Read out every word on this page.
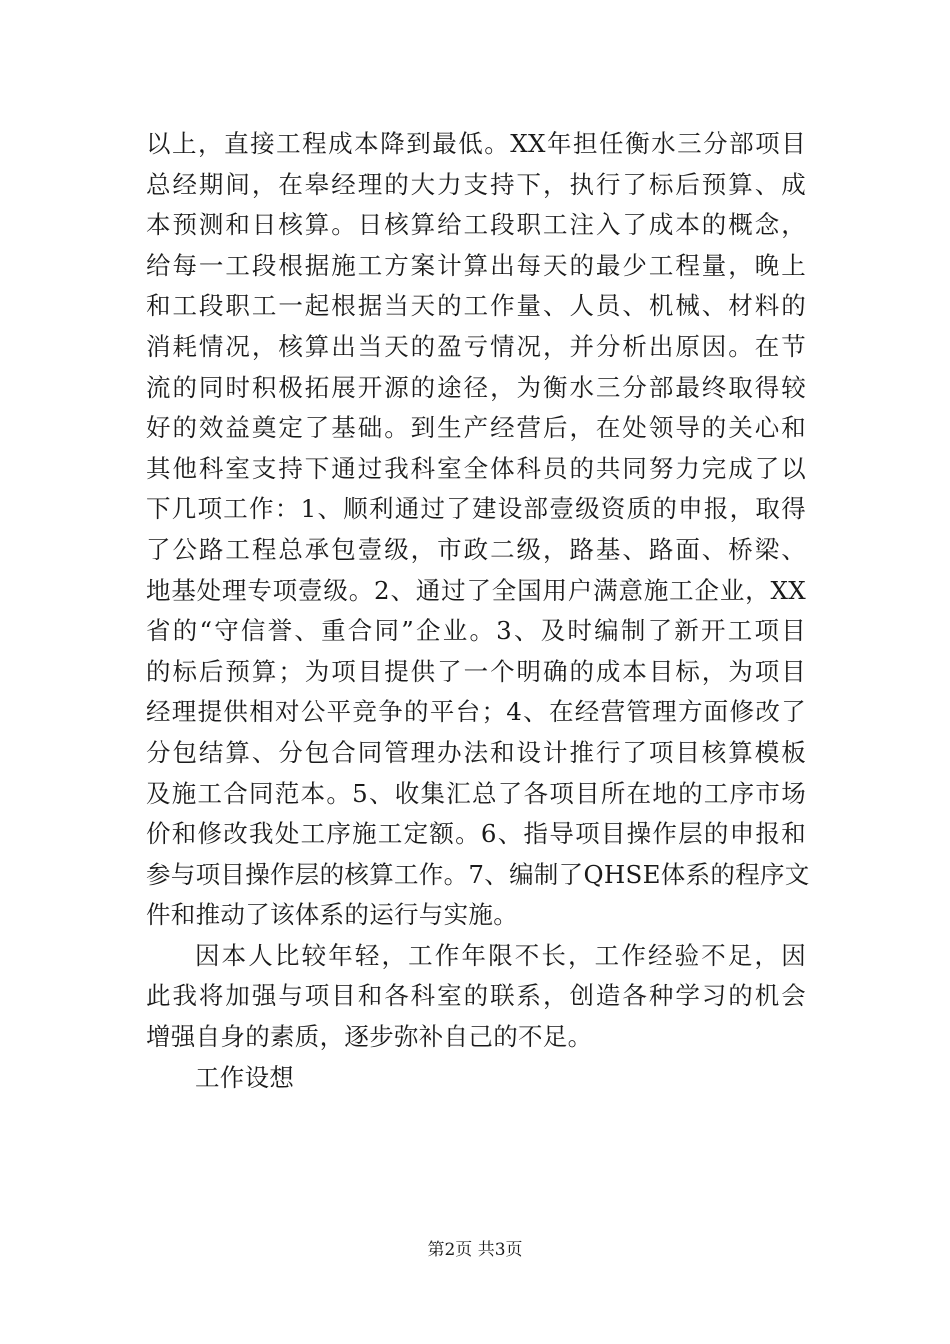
以上，直接工程成本降到最低。XX年担任衡水三分部项目
总经期间，在皋经理的大力支持下，执行了标后预算、成
本预测和日核算。日核算给工段职工注入了成本的概念，
给每一工段根据施工方案计算出每天的最少工程量，晚上
和工段职工一起根据当天的工作量、人员、机械、材料的
消耗情况，核算出当天的盈亏情况，并分析出原因。在节
流的同时积极拓展开源的途径，为衡水三分部最终取得较
好的效益奠定了基础。到生产经营后，在处领导的关心和
其他科室支持下通过我科室全体科员的共同努力完成了以
下几项工作：1、顺利通过了建设部壹级资质的申报，取得
了公路工程总承包壹级，市政二级，路基、路面、桥梁、
地基处理专项壹级。2、通过了全国用户满意施工企业，XX
省的“守信誉、重合同”企业。3、及时编制了新开工项目
的标后预算；为项目提供了一个明确的成本目标，为项目
经理提供相对公平竞争的平台；4、在经营管理方面修改了
分包结算、分包合同管理办法和设计推行了项目核算模板
及施工合同范本。5、收集汇总了各项目所在地的工序市场
价和修改我处工序施工定额。6、指导项目操作层的申报和
参与项目操作层的核算工作。7、编制了QHSE体系的程序文
件和推动了该体系的运行与实施。
因本人比较年轻，工作年限不长，工作经验不足，因
此我将加强与项目和各科室的联系，创造各种学习的机会
增强自身的素质，逐步弥补自己的不足。
工作设想
第2页 共3页
